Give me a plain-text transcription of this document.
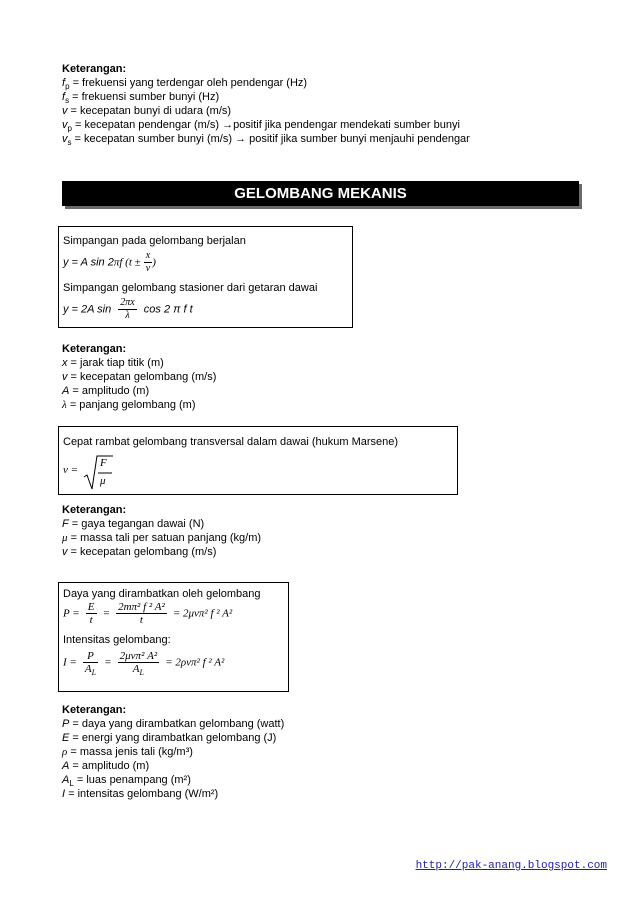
Keterangan:
$f_p$ = frekuensi yang terdengar oleh pendengar (Hz)
$f_s$ = frekuensi sumber bunyi (Hz)
v = kecepatan bunyi di udara (m/s)
$v_p$ = kecepatan pendengar (m/s) →positif jika pendengar mendekati sumber bunyi
$v_s$ = kecepatan sumber bunyi (m/s) → positif jika sumber bunyi menjauhi pendengar
GELOMBANG MEKANIS
Simpangan pada gelombang berjalan
y = A sin 2πf ($t \pm \frac{x}{v}$ )
Simpangan gelombang stasioner dari getaran dawai
y = 2A $\sin \frac{2\pi x}{\lambda}$ cos 2 π f t
Keterangan:
x = jarak tiap titik (m)
v = kecepatan gelombang (m/s)
A = amplitudo (m)
λ = panjang gelombang (m)
Cepat rambat gelombang transversal dalam dawai (hukum Marsene)
v =
F
μ
Keterangan:
F = gaya tegangan dawai (N)
μ = massa tali per satuan panjang (kg/m)
v = kecepatan gelombang (m/s)
Daya yang dirambatkan oleh gelombang
$P = \frac{E}{t} = \frac{\text{2mπ² f ² A²}}{t} = 2\mu v\pi^2$ f ² A²
Intensitas gelombang:
$I = \frac{P}{A_L} = \frac{\text{2μvπ² A²}}{A_L} = 2\rho v\pi^2$ f ² A²
Keterangan:
P = daya yang dirambatkan gelombang (watt)
E = energi yang dirambatkan gelombang (J)
ρ = massa jenis tali (kg/m³)
A = amplitudo (m)
$A_L$ = luas penampang (m²)
I = intensitas gelombang (W/m²)
http://pak-anang.blogspot.com
